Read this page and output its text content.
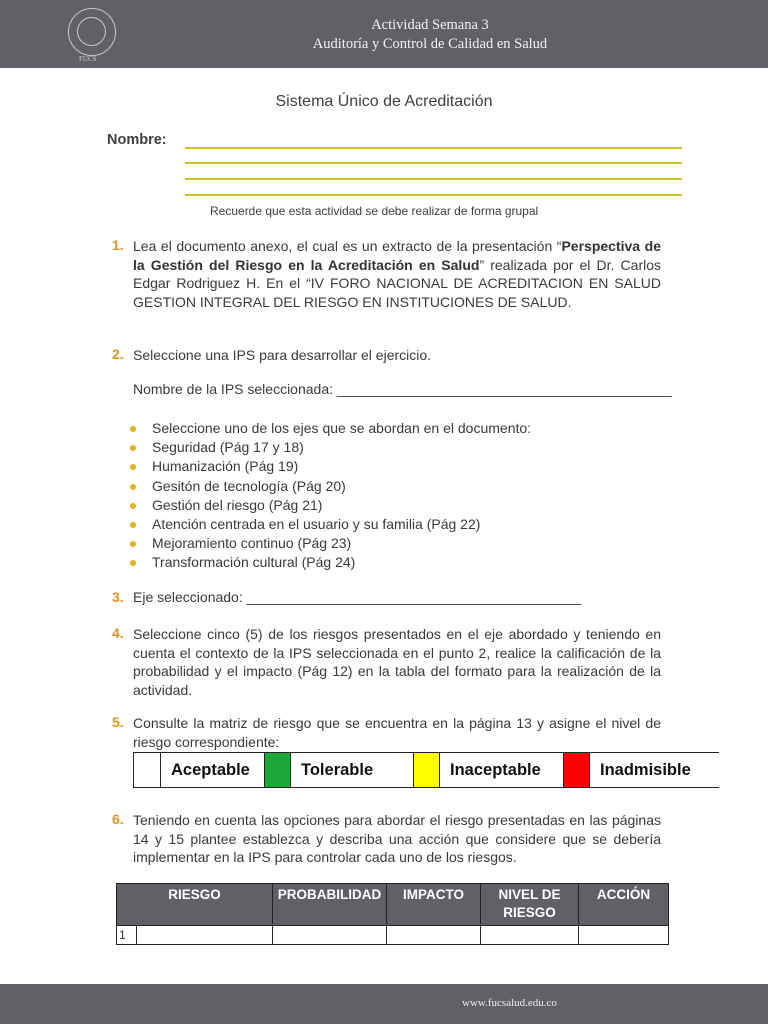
FUCS
Actividad Semana 3
Auditoría y Control de Calidad en Salud
Sistema Único de Acreditación
Nombre:
Recuerde que esta actividad se debe realizar de forma grupal
1. Lea el documento anexo, el cual es un extracto de la presentación “Perspectiva de la Gestión del Riesgo en la Acreditación en Salud” realizada por el Dr. Carlos Edgar Rodriguez H. En el “IV FORO NACIONAL DE ACREDITACION EN SALUD GESTION INTEGRAL DEL RIESGO EN INSTITUCIONES DE SALUD.
2. Seleccione una IPS para desarrollar el ejercicio.
Nombre de la IPS seleccionada: ___________________________________________
Seleccione uno de los ejes que se abordan en el documento:
Seguridad (Pág 17 y 18)
Humanización (Pág 19)
Gesitón de tecnología (Pág 20)
Gestión del riesgo (Pág 21)
Atención centrada en el usuario y su familia (Pág 22)
Mejoramiento continuo (Pág 23)
Transformación cultural (Pág 24)
3. Eje seleccionado: ___________________________________________
4. Seleccione cinco (5) de los riesgos presentados en el eje abordado y teniendo en cuenta el contexto de la IPS seleccionada en el punto 2, realice la calificación de la probabilidad y el impacto (Pág 12) en la tabla del formato para la realización de la actividad.
5. Consulte la matriz de riesgo que se encuentra en la página 13 y asigne el nivel de riesgo correspondiente:
Aceptable	Tolerable	Inaceptable	Inadmisible
6. Teniendo en cuenta las opciones para abordar el riesgo presentadas en las páginas 14 y 15 plantee establezca y describa una acción que considere que se debería implementar en la IPS para controlar cada uno de los riesgos.
RIESGO		PROBABILIDAD	IMPACTO	NIVEL DE RIESGO	ACCIÓN
1					
www.fucsalud.edu.co
